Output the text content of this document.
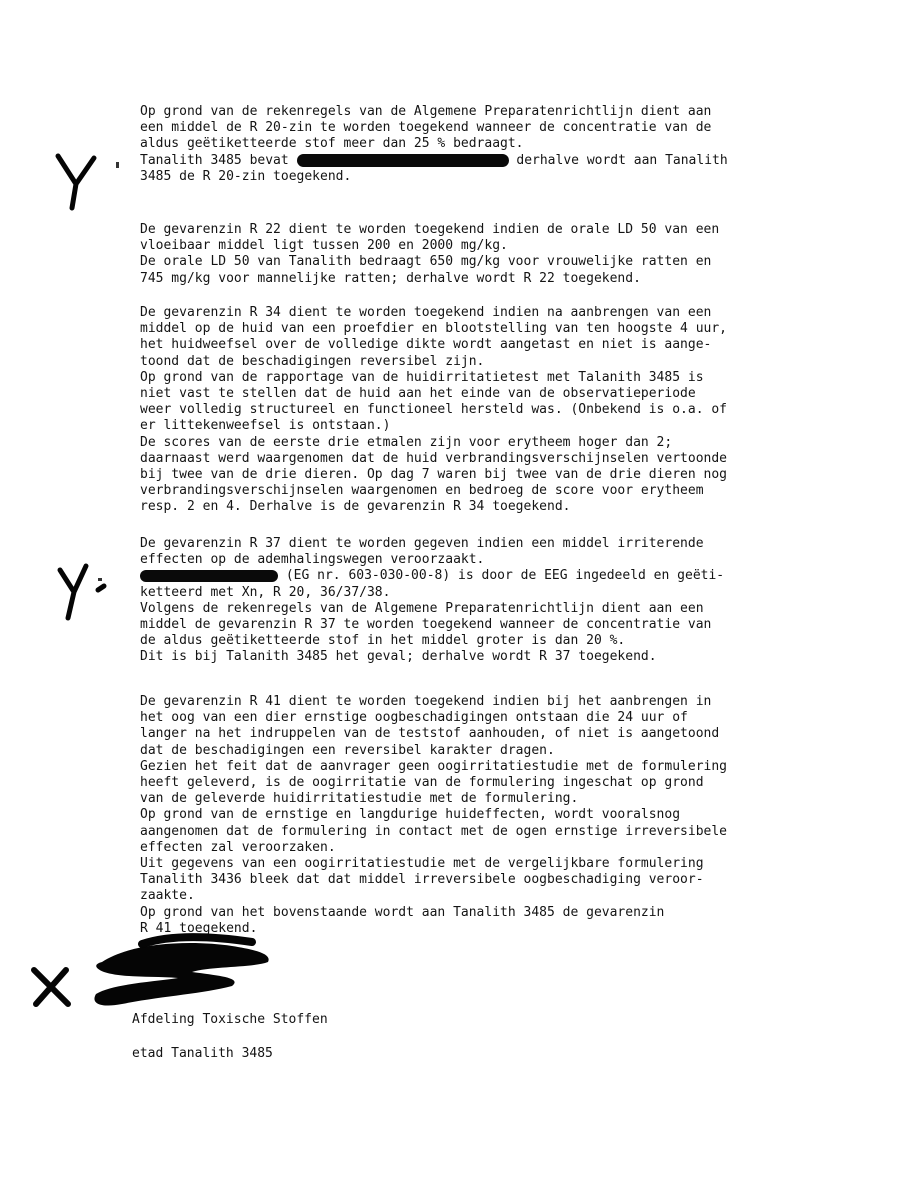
Op grond van de rekenregels van de Algemene Preparatenrichtlijn dient aan
een middel de R 20-zin te worden toegekend wanneer de concentratie van de
aldus geëtiketteerde stof meer dan 25 % bedraagt.
Tanalith 3485 bevat	derhalve wordt aan Tanalith
3485 de R 20-zin toegekend.
De gevarenzin R 22 dient te worden toegekend indien de orale LD 50 van een
vloeibaar middel ligt tussen 200 en 2000 mg/kg.
De orale LD 50 van Tanalith bedraagt 650 mg/kg voor vrouwelijke ratten en
745 mg/kg voor mannelijke ratten; derhalve wordt R 22 toegekend.
De gevarenzin R 34 dient te worden toegekend indien na aanbrengen van een
middel op de huid van een proefdier en blootstelling van ten hoogste 4 uur,
het huidweefsel over de volledige dikte wordt aangetast en niet is aange-
toond dat de beschadigingen reversibel zijn.
Op grond van de rapportage van de huidirritatietest met Talanith 3485 is
niet vast te stellen dat de huid aan het einde van de observatieperiode
weer volledig structureel en functioneel hersteld was. (Onbekend is o.a. of
er littekenweefsel is ontstaan.)
De scores van de eerste drie etmalen zijn voor erytheem hoger dan 2;
daarnaast werd waargenomen dat de huid verbrandingsverschijnselen vertoonde
bij twee van de drie dieren. Op dag 7 waren bij twee van de drie dieren nog
verbrandingsverschijnselen waargenomen en bedroeg de score voor erytheem
resp. 2 en 4. Derhalve is de gevarenzin R 34 toegekend.
De gevarenzin R 37 dient te worden gegeven indien een middel irriterende
effecten op de ademhalingswegen veroorzaakt.
(EG nr. 603-030-00-8) is door de EEG ingedeeld en geëti-
ketteerd met Xn, R 20, 36/37/38.
Volgens de rekenregels van de Algemene Preparatenrichtlijn dient aan een
middel de gevarenzin R 37 te worden toegekend wanneer de concentratie van
de aldus geëtiketteerde stof in het middel groter is dan 20 %.
Dit is bij Talanith 3485 het geval; derhalve wordt R 37 toegekend.
De gevarenzin R 41 dient te worden toegekend indien bij het aanbrengen in
het oog van een dier ernstige oogbeschadigingen ontstaan die 24 uur of
langer na het indruppelen van de teststof aanhouden, of niet is aangetoond
dat de beschadigingen een reversibel karakter dragen.
Gezien het feit dat de aanvrager geen oogirritatiestudie met de formulering
heeft geleverd, is de oogirritatie van de formulering ingeschat op grond
van de geleverde huidirritatiestudie met de formulering.
Op grond van de ernstige en langdurige huideffecten, wordt vooralsnog
aangenomen dat de formulering in contact met de ogen ernstige irreversibele
effecten zal veroorzaken.
Uit gegevens van een oogirritatiestudie met de vergelijkbare formulering
Tanalith 3436 bleek dat dat middel irreversibele oogbeschadiging veroor-
zaakte.
Op grond van het bovenstaande wordt aan Tanalith 3485 de gevarenzin
R 41 toegekend.
Afdeling Toxische Stoffen
etad Tanalith 3485
